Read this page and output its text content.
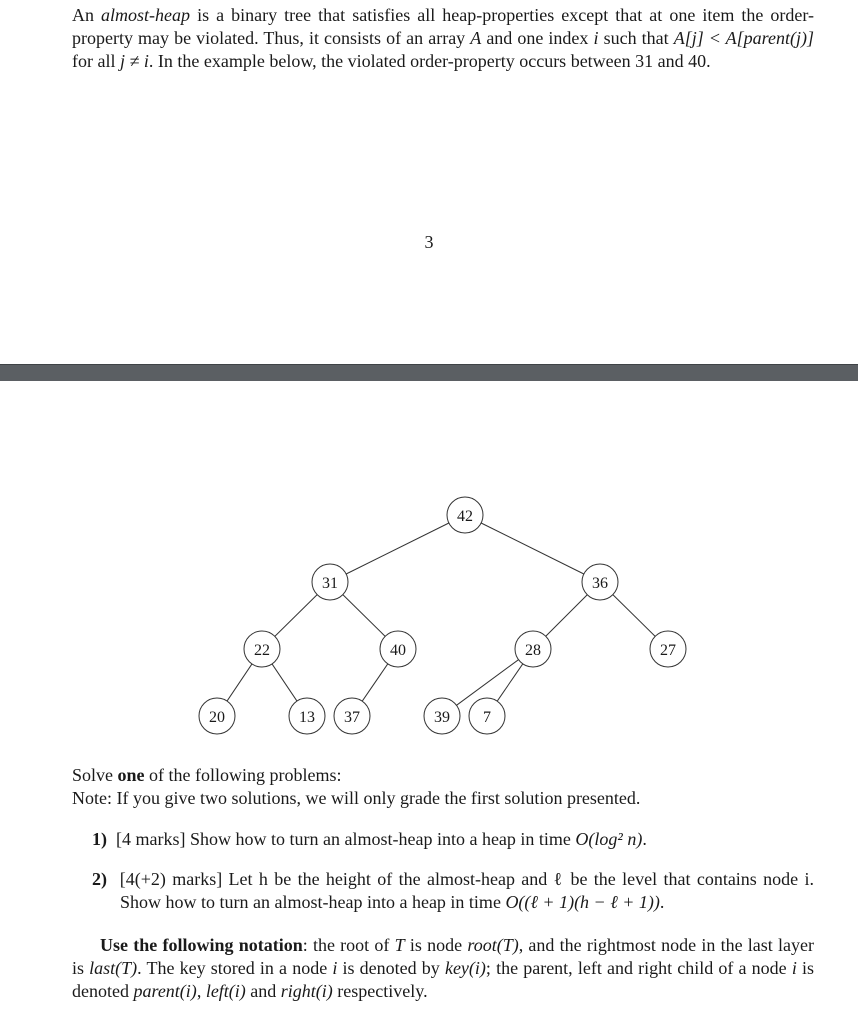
An almost-heap is a binary tree that satisfies all heap-properties except that at one item the order-property may be violated. Thus, it consists of an array A and one index i such that A[j] < A[parent(j)] for all j ≠ i. In the example below, the violated order-property occurs between 31 and 40.

3
42
31	36
22	40	28	27
20	13 37	39 7

Solve one of the following problems:
Note: If you give two solutions, we will only grade the first solution presented.

1) [4 marks] Show how to turn an almost-heap into a heap in time O(log² n).
2) [4(+2) marks] Let h be the height of the almost-heap and ℓ be the level that contains node i. Show how to turn an almost-heap into a heap in time O((ℓ + 1)(h − ℓ + 1)).

Use the following notation: the root of T is node root(T), and the rightmost node in the last layer is last(T). The key stored in a node i is denoted by key(i); the parent, left and right child of a node i is denoted parent(i), left(i) and right(i) respectively.
